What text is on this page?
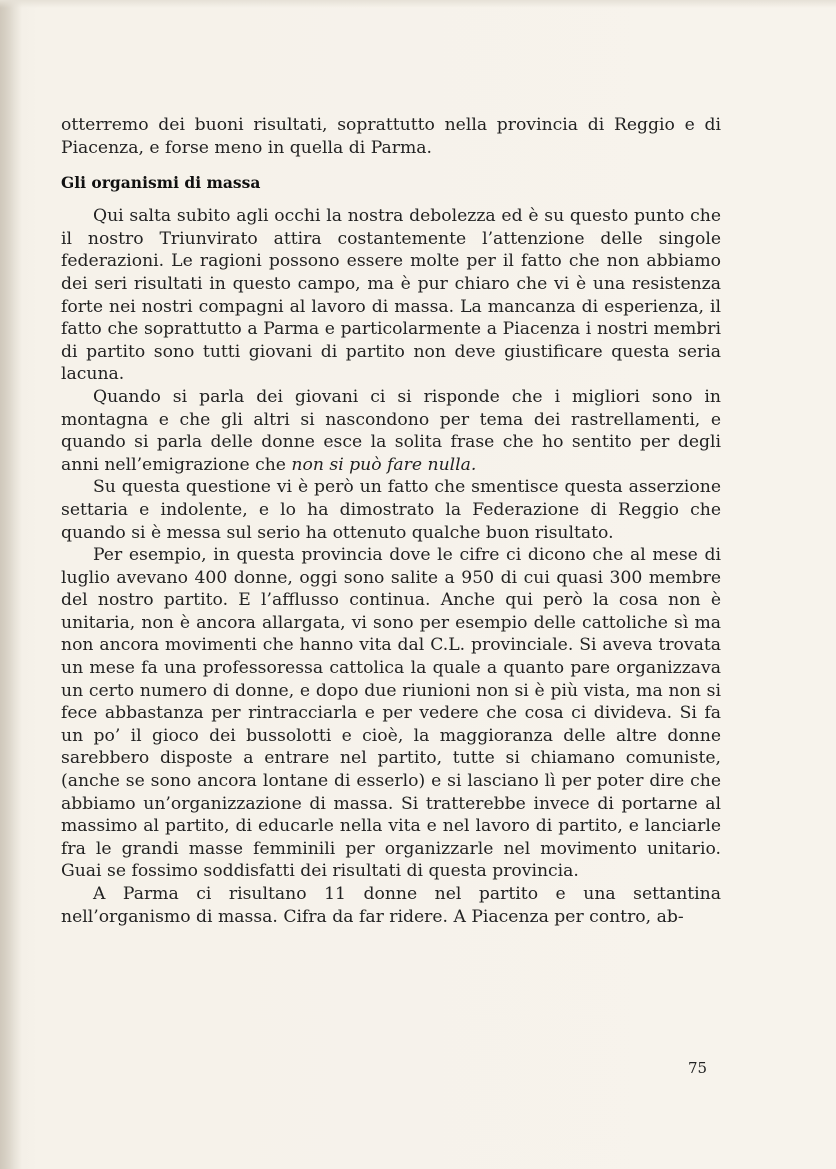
otterremo dei buoni risultati, soprattutto nella provincia di Reggio e di Piacenza, e forse meno in quella di Parma.

Gli organismi di massa

Qui salta subito agli occhi la nostra debolezza ed è su questo punto che il nostro Triunvirato attira costantemente l’attenzione delle singole federazioni. Le ragioni possono essere molte per il fatto che non abbiamo dei seri risultati in questo campo, ma è pur chiaro che vi è una resistenza forte nei nostri compagni al lavoro di massa. La mancanza di esperienza, il fatto che soprattutto a Parma e particolarmente a Piacenza i nostri membri di partito sono tutti giovani di partito non deve giustificare questa seria lacuna.

Quando si parla dei giovani ci si risponde che i migliori sono in montagna e che gli altri si nascondono per tema dei rastrellamenti, e quando si parla delle donne esce la solita frase che ho sentito per degli anni nell’emigrazione che non si può fare nulla.

Su questa questione vi è però un fatto che smentisce questa asserzione settaria e indolente, e lo ha dimostrato la Federazione di Reggio che quando si è messa sul serio ha ottenuto qualche buon risultato.

Per esempio, in questa provincia dove le cifre ci dicono che al mese di luglio avevano 400 donne, oggi sono salite a 950 di cui quasi 300 membre del nostro partito. E l’afflusso continua. Anche qui però la cosa non è unitaria, non è ancora allargata, vi sono per esempio delle cattoliche sì ma non ancora movimenti che hanno vita dal C.L. provinciale. Si aveva trovata un mese fa una professoressa cattolica la quale a quanto pare organizzava un certo numero di donne, e dopo due riunioni non si è più vista, ma non si fece abbastanza per rintracciarla e per vedere che cosa ci divideva. Si fa un po’ il gioco dei bussolotti e cioè, la maggioranza delle altre donne sarebbero disposte a entrare nel partito, tutte si chiamano comuniste, (anche se sono ancora lontane di esserlo) e si lasciano lì per poter dire che abbiamo un’organizzazione di massa. Si tratterebbe invece di portarne al massimo al partito, di educarle nella vita e nel lavoro di partito, e lanciarle fra le grandi masse femminili per organizzarle nel movimento unitario. Guai se fossimo soddisfatti dei risultati di questa provincia.

A Parma ci risultano 11 donne nel partito e una settantina nell’organismo di massa. Cifra da far ridere. A Piacenza per contro, ab-

75
